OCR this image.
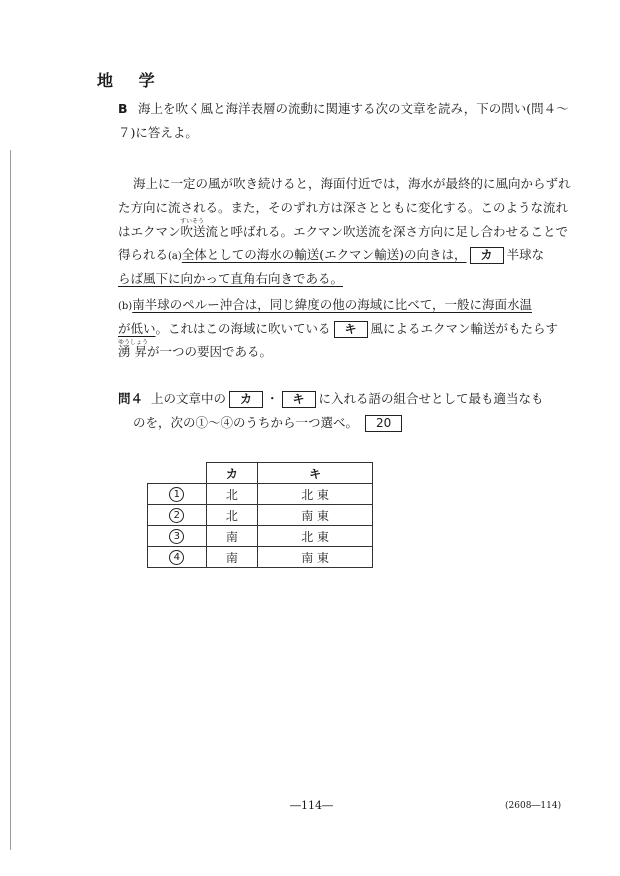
地 学
B 海上を吹く風と海洋表層の流動に関連する次の文章を読み，下の問い(問４～
７)に答えよ。
海上に一定の風が吹き続けると，海面付近では，海水が最終的に風向からずれ
た方向に流される。また，そのずれ方は深さとともに変化する。このような流れ
すいそう
はエクマン吹送流と呼ばれる。エクマン吹送流を深さ方向に足し合わせることで
得られる(a)全体としての海水の輸送(エクマン輸送)の向きは， カ 半球な
らば風下に向かって直角右向きである。
(b)南半球のペルー沖合は，同じ緯度の他の海域に比べて，一般に海面水温
が低い。これはこの海域に吹いている キ 風によるエクマン輸送がもたらす
ゆうしょう
湧 昇が一つの要因である。
問４ 上の文章中の カ ・ キ に入れる語の組合せとして最も適当なも
のを，次の①～④のうちから一つ選べ。 20
	カ	キ
1	北	北 東
2	北	南 東
3	南	北 東
4	南	南 東
―114―	(2608―114)
